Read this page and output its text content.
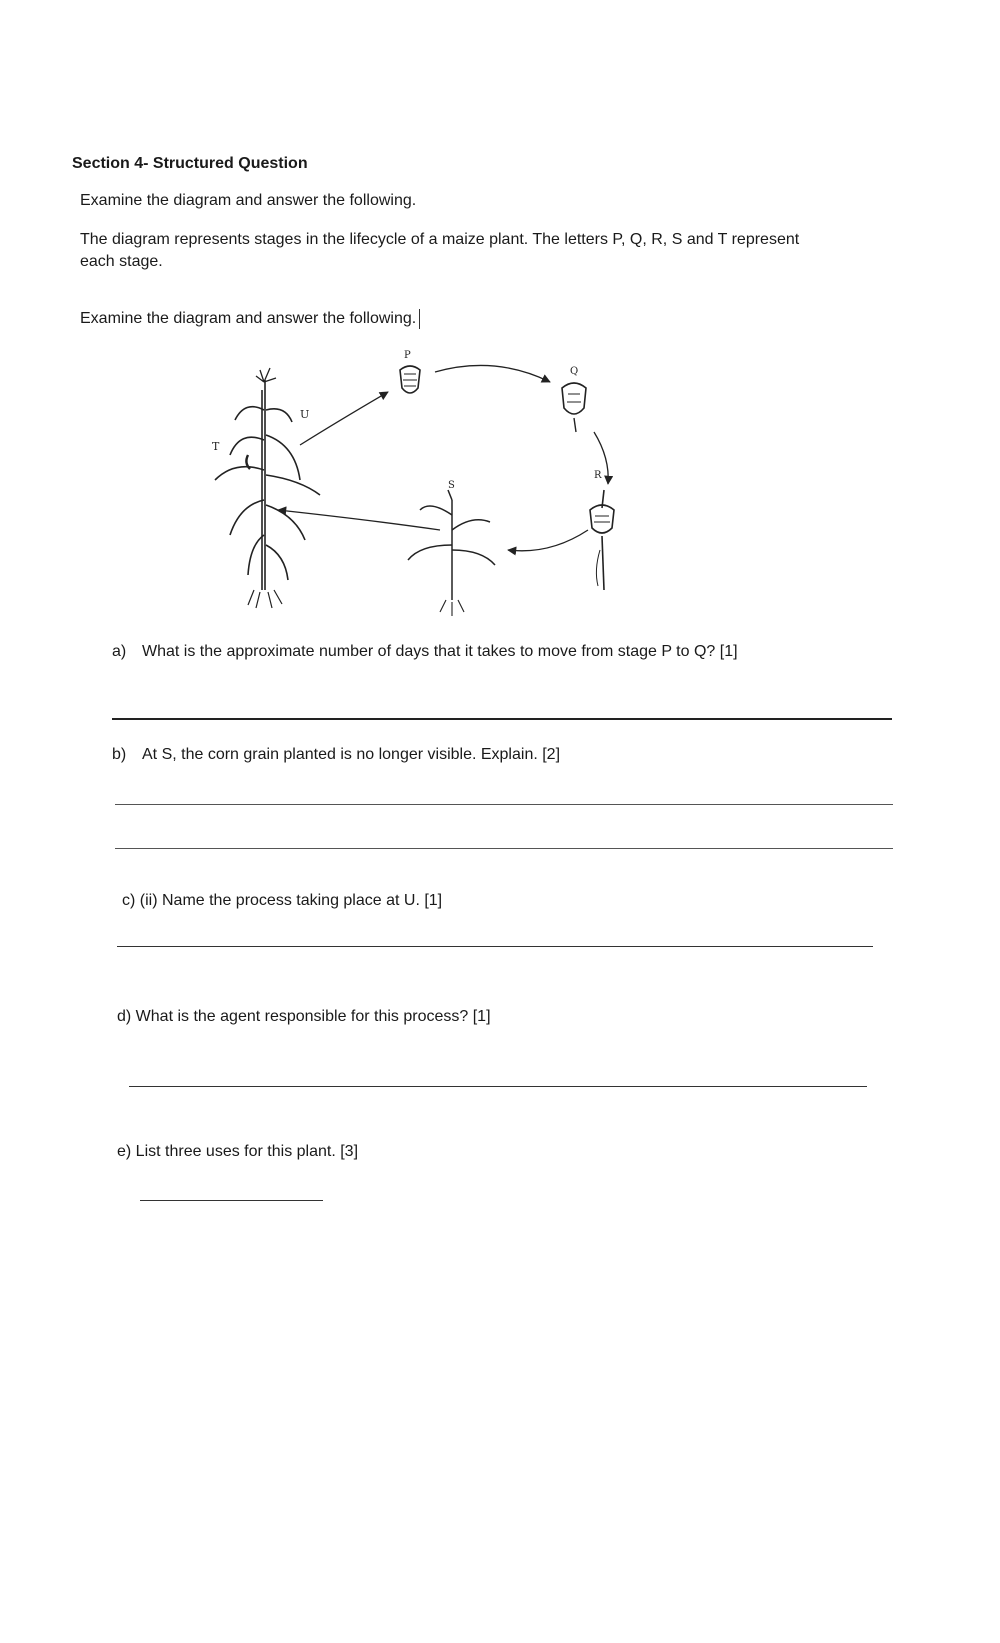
Section 4- Structured Question

Examine the diagram and answer the following.

The diagram represents stages in the lifecycle of a maize plant. The letters P, Q, R, S and T represent

each stage.

Examine the diagram and answer the following.

T
U
P
Q
R
S

a) What is the approximate number of days that it takes to move from stage P to Q? [1]

b) At S, the corn grain planted is no longer visible. Explain. [2]

c) (ii) Name the process taking place at U. [1]

d) What is the agent responsible for this process? [1]

e) List three uses for this plant. [3]
